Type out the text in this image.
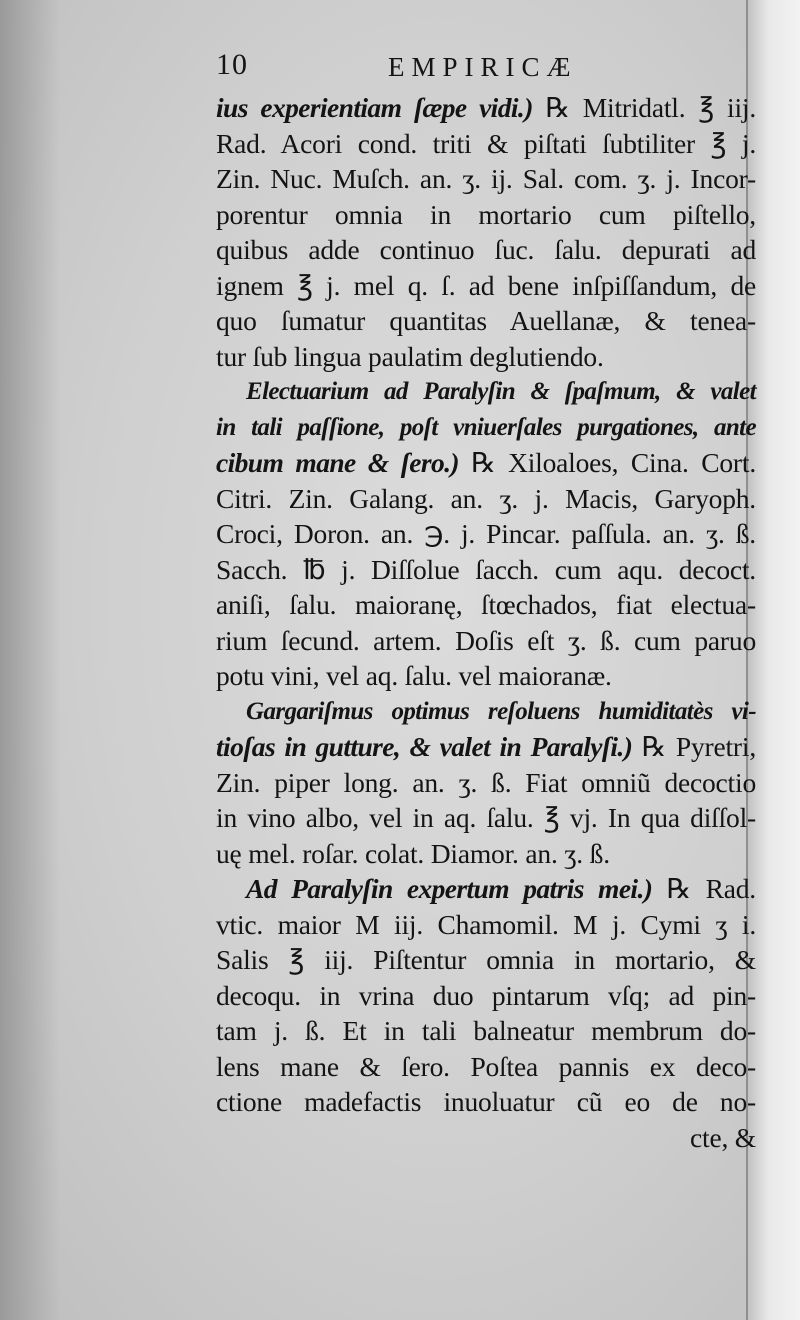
10	EMPIRICÆ
ius experientiam ſæpe vidi.) ℞ Mitridatl. ℥ iij.
Rad. Acori cond. triti & piſtati ſubtiliter ℥ j.
Zin. Nuc. Muſch. an. ʒ. ij. Sal. com. ʒ. j. Incor-
porentur omnia in mortario cum piſtello,
quibus adde continuo ſuc. ſalu. depurati ad
ignem ℥ j. mel q. ſ. ad bene inſpiſſandum, de
quo ſumatur quantitas Auellanæ, & tenea-
tur ſub lingua paulatim deglutiendo.
Electuarium ad Paralyſin & ſpaſmum, & valet
in tali paſſione, poſt vniuerſales purgationes, ante
cibum mane & ſero.) ℞ Xiloaloes, Cina. Cort.
Citri. Zin. Galang. an. ʒ. j. Macis, Garyoph.
Croci, Doron. an. ℈. j. Pincar. paſſula. an. ʒ. ß.
Sacch. ℔ j. Diſſolue ſacch. cum aqu. decoct.
aniſi, ſalu. maioranę, ſtœchados, fiat electua-
rium ſecund. artem. Doſis eſt ʒ. ß. cum paruo
potu vini, vel aq. ſalu. vel maioranæ.
Gargariſmus optimus reſoluens humiditatès vi-
tioſas in gutture, & valet in Paralyſi.) ℞ Pyretri,
Zin. piper long. an. ʒ. ß. Fiat omniũ decoctio
in vino albo, vel in aq. ſalu. ℥ vj. In qua diſſol-
uę mel. roſar. colat. Diamor. an. ʒ. ß.
Ad Paralyſin expertum patris mei.) ℞ Rad.
vtic. maior M iij. Chamomil. M j. Cymi ʒ i.
Salis ℥ iij. Piſtentur omnia in mortario, &
decoqu. in vrina duo pintarum vſq; ad pin-
tam j. ß. Et in tali balneatur membrum do-
lens mane & ſero. Poſtea pannis ex deco-
ctione madefactis inuoluatur cũ eo de no-
cte, &
